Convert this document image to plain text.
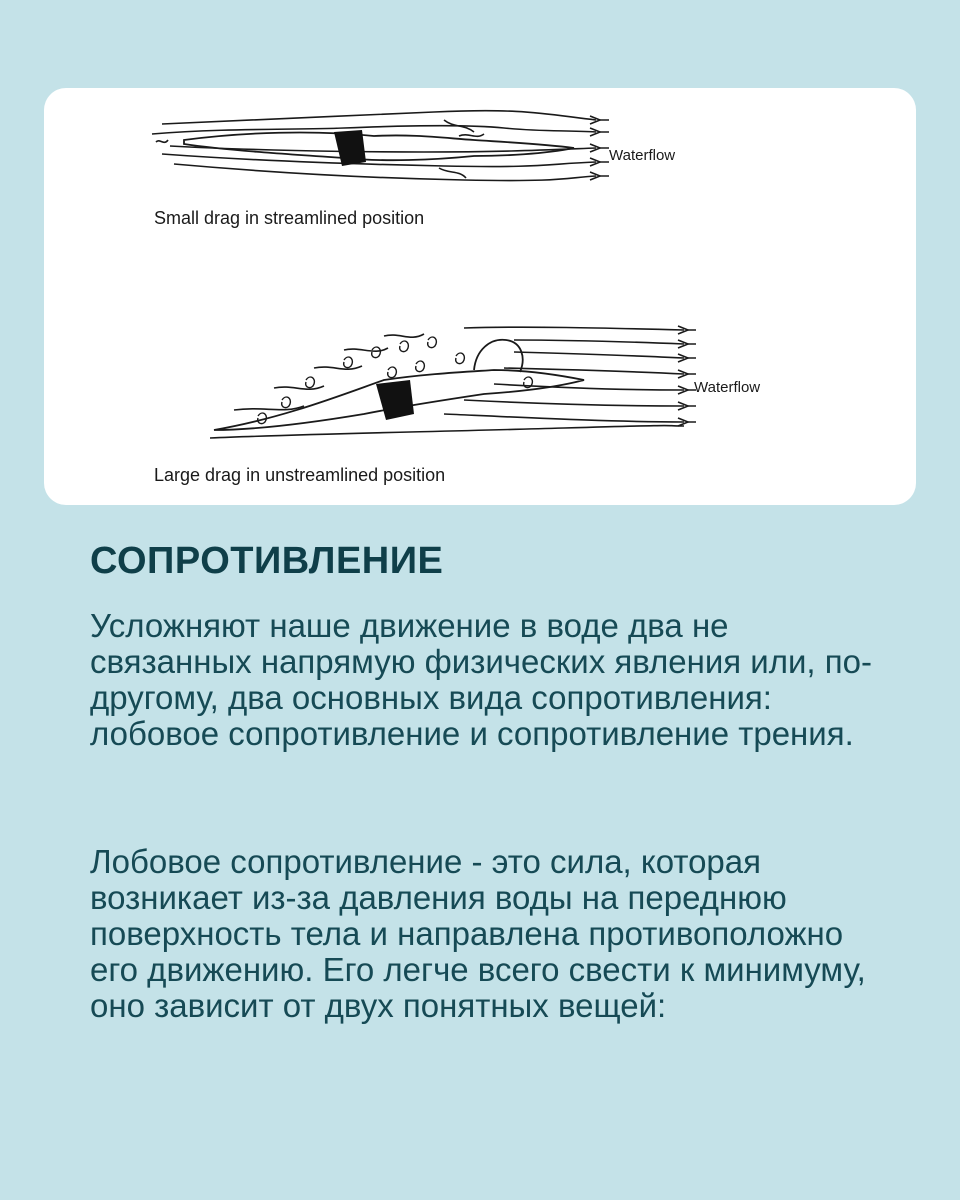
Waterflow
Small drag in streamlined position
Waterflow
Large drag in unstreamlined position
СОПРОТИВЛЕНИЕ

Усложняют наше движение в воде два не связанных напрямую физических явления или, по-другому, два основных вида сопротивления: лобовое сопротивление и сопротивление трения.

Лобовое сопротивление - это сила, которая возникает из-за давления воды на переднюю поверхность тела и направлена противоположно его движению. Его легче всего свести к минимуму, оно зависит от двух понятных вещей:
